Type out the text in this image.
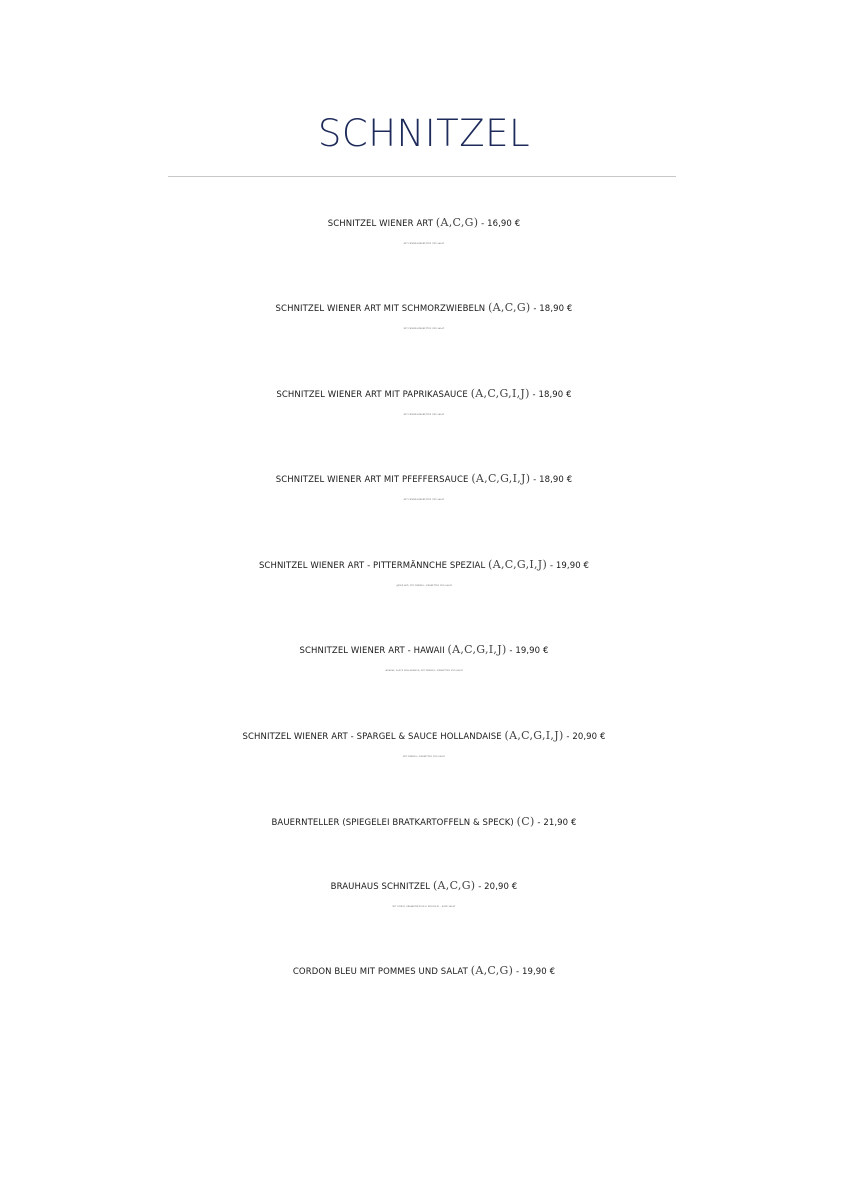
SCHNITZEL
SCHNITZEL WIENER ART (A,C,G) - 16,90 €
MIT POMMES/KROKETTEN UND SALAT
SCHNITZEL WIENER ART MIT SCHMORZWIEBELN (A,C,G) - 18,90 €
MIT POMMES/KROKETTEN UND SALAT
SCHNITZEL WIENER ART MIT PAPRIKASAUCE (A,C,G,I,J) - 18,90 €
MIT POMMES/KROKETTEN UND SALAT
SCHNITZEL WIENER ART MIT PFEFFERSAUCE (A,C,G,I,J) - 18,90 €
MIT POMMES/KROKETTEN UND SALAT
SCHNITZEL WIENER ART - PITTERMÄNNCHE SPEZIAL (A,C,G,I,J) - 19,90 €
(JÄGER ART) MIT POMMES / KROKETTEN UND SALAT
SCHNITZEL WIENER ART - HAWAII (A,C,G,I,J) - 19,90 €
(ANANAS, SAUCE HOLLANDAISE) MIT POMMES / KROKETTEN UND SALAT
SCHNITZEL WIENER ART - SPARGEL & SAUCE HOLLANDAISE (A,C,G,I,J) - 20,90 €
MIT POMMES / KROKETTEN UND SALAT
BAUERNTELLER (SPIEGELEI BRATKARTOFFELN & SPECK) (C) - 21,90 €
BRAUHAUS SCHNITZEL (A,C,G) - 20,90 €
MIT SPINAT, BRAKARTOFFELN & SPIEGELEI – OHNE SALAT
CORDON BLEU MIT POMMES UND SALAT (A,C,G) - 19,90 €
